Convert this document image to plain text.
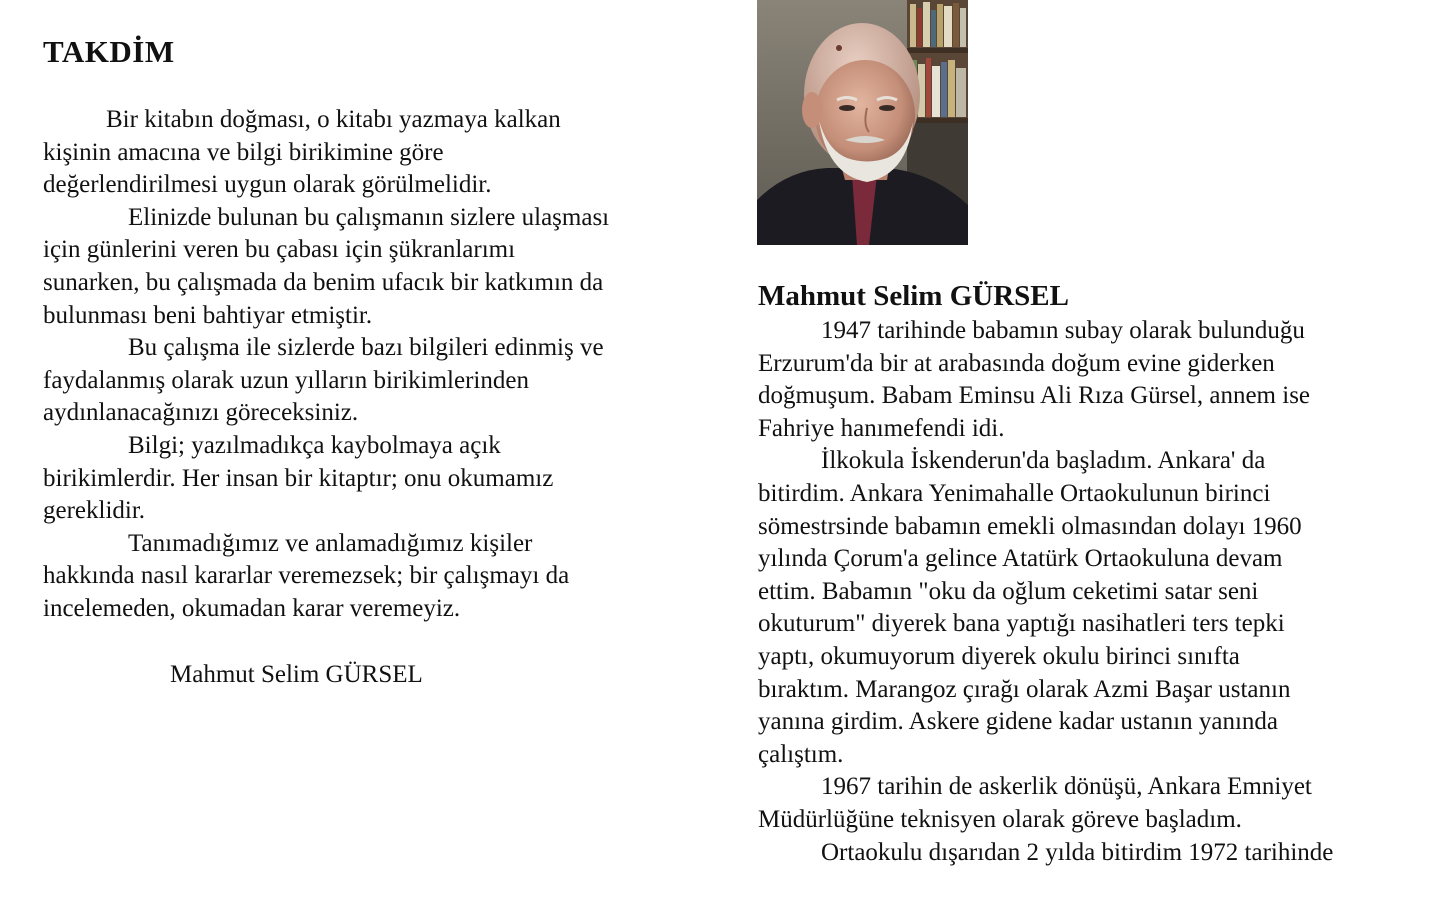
TAKDİM
Bir kitabın doğması, o kitabı yazmaya kalkan
kişinin amacına ve bilgi birikimine göre
değerlendirilmesi uygun olarak görülmelidir.
Elinizde bulunan bu çalışmanın sizlere ulaşması
için günlerini veren bu çabası için şükranlarımı
sunarken, bu çalışmada da benim ufacık bir katkımın da
bulunması beni bahtiyar etmiştir.
Bu çalışma ile sizlerde bazı bilgileri edinmiş ve
faydalanmış olarak uzun yılların birikimlerinden
aydınlanacağınızı göreceksiniz.
Bilgi; yazılmadıkça kaybolmaya açık
birikimlerdir. Her insan bir kitaptır; onu okumamız
gereklidir.
Tanımadığımız ve anlamadığımız kişiler
hakkında nasıl kararlar veremezsek; bir çalışmayı da
incelemeden, okumadan karar veremeyiz.
Mahmut Selim GÜRSEL
Mahmut Selim GÜRSEL
1947 tarihinde babamın subay olarak bulunduğu
Erzurum'da bir at arabasında doğum evine giderken
doğmuşum. Babam Eminsu Ali Rıza Gürsel, annem ise
Fahriye hanımefendi idi.
İlkokula İskenderun'da başladım. Ankara' da
bitirdim. Ankara Yenimahalle Ortaokulunun birinci
sömestrsinde babamın emekli olmasından dolayı 1960
yılında Çorum'a gelince Atatürk Ortaokuluna devam
ettim. Babamın "oku da oğlum ceketimi satar seni
okuturum" diyerek bana yaptığı nasihatleri ters tepki
yaptı, okumuyorum diyerek okulu birinci sınıfta
bıraktım. Marangoz çırağı olarak Azmi Başar ustanın
yanına girdim. Askere gidene kadar ustanın yanında
çalıştım.
1967 tarihin de askerlik dönüşü, Ankara Emniyet
Müdürlüğüne teknisyen olarak göreve başladım.
Ortaokulu dışarıdan 2 yılda bitirdim 1972 tarihinde
